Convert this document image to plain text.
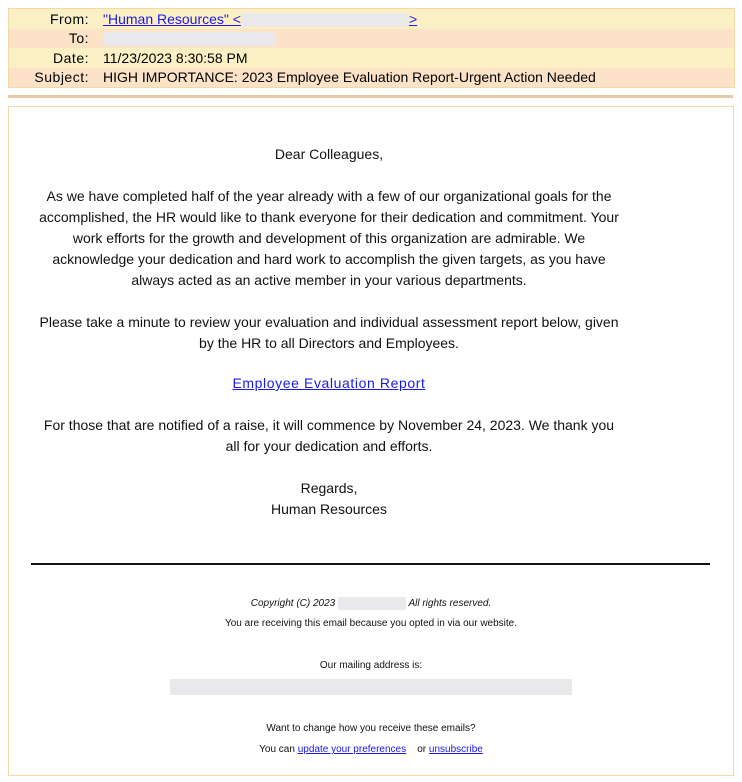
From:	"Human Resources" <	>
To:
Date:	11/23/2023 8:30:58 PM
Subject:	HIGH IMPORTANCE: 2023 Employee Evaluation Report-Urgent Action Needed

Dear Colleagues,

As we have completed half of the year already with a few of our organizational goals for the accomplished, the HR would like to thank everyone for their dedication and commitment. Your work efforts for the growth and development of this organization are admirable. We acknowledge your dedication and hard work to accomplish the given targets, as you have always acted as an active member in your various departments.

Please take a minute to review your evaluation and individual assessment report below, given by the HR to all Directors and Employees.

Employee Evaluation Report

For those that are notified of a raise, it will commence by November 24, 2023. We thank you all for your dedication and efforts.

Regards,
Human Resources
Copyright (C) 2023	All rights reserved.
You are receiving this email because you opted in via our website.
Our mailing address is:
Want to change how you receive these emails?
You can update your preferences or unsubscribe
